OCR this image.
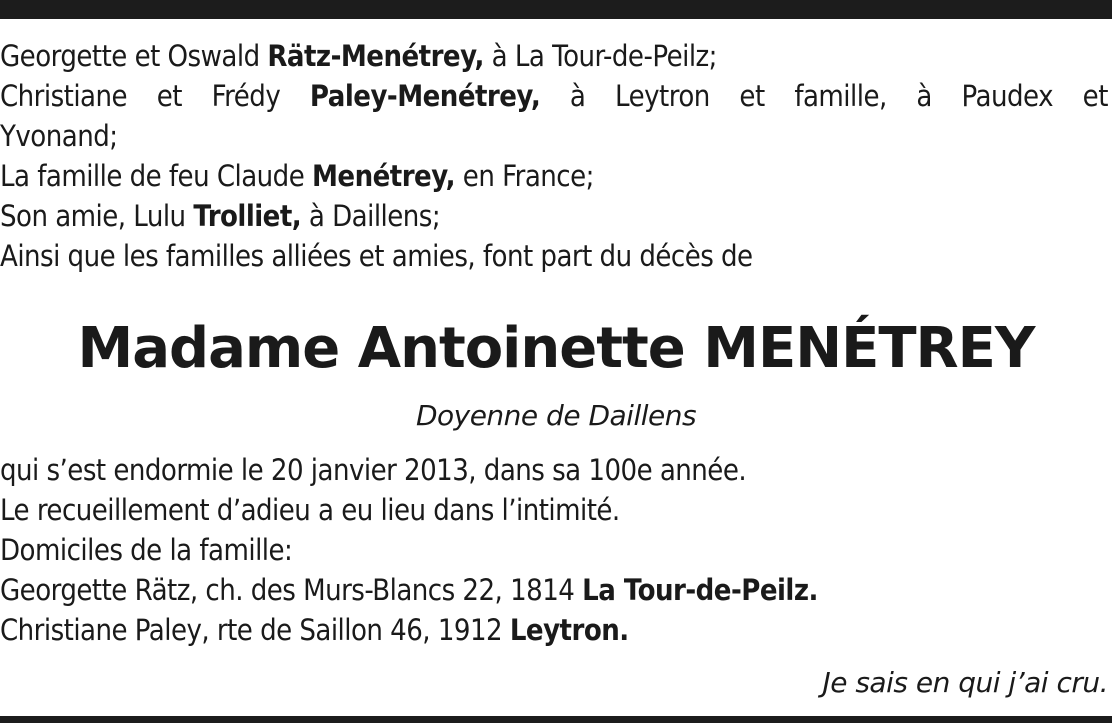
Georgette et Oswald Rätz-Menétrey, à La Tour-de-Peilz;
Christiane et Frédy Paley-Menétrey, à Leytron et famille, à Paudex et
Yvonand;
La famille de feu Claude Menétrey, en France;
Son amie, Lulu Trolliet, à Daillens;
Ainsi que les familles alliées et amies, font part du décès de
Madame Antoinette MENÉTREY
Doyenne de Daillens
qui s’est endormie le 20 janvier 2013, dans sa 100e année.
Le recueillement d’adieu a eu lieu dans l’intimité.
Domiciles de la famille:
Georgette Rätz, ch. des Murs-Blancs 22, 1814 La Tour-de-Peilz.
Christiane Paley, rte de Saillon 46, 1912 Leytron.
Je sais en qui j’ai cru.
